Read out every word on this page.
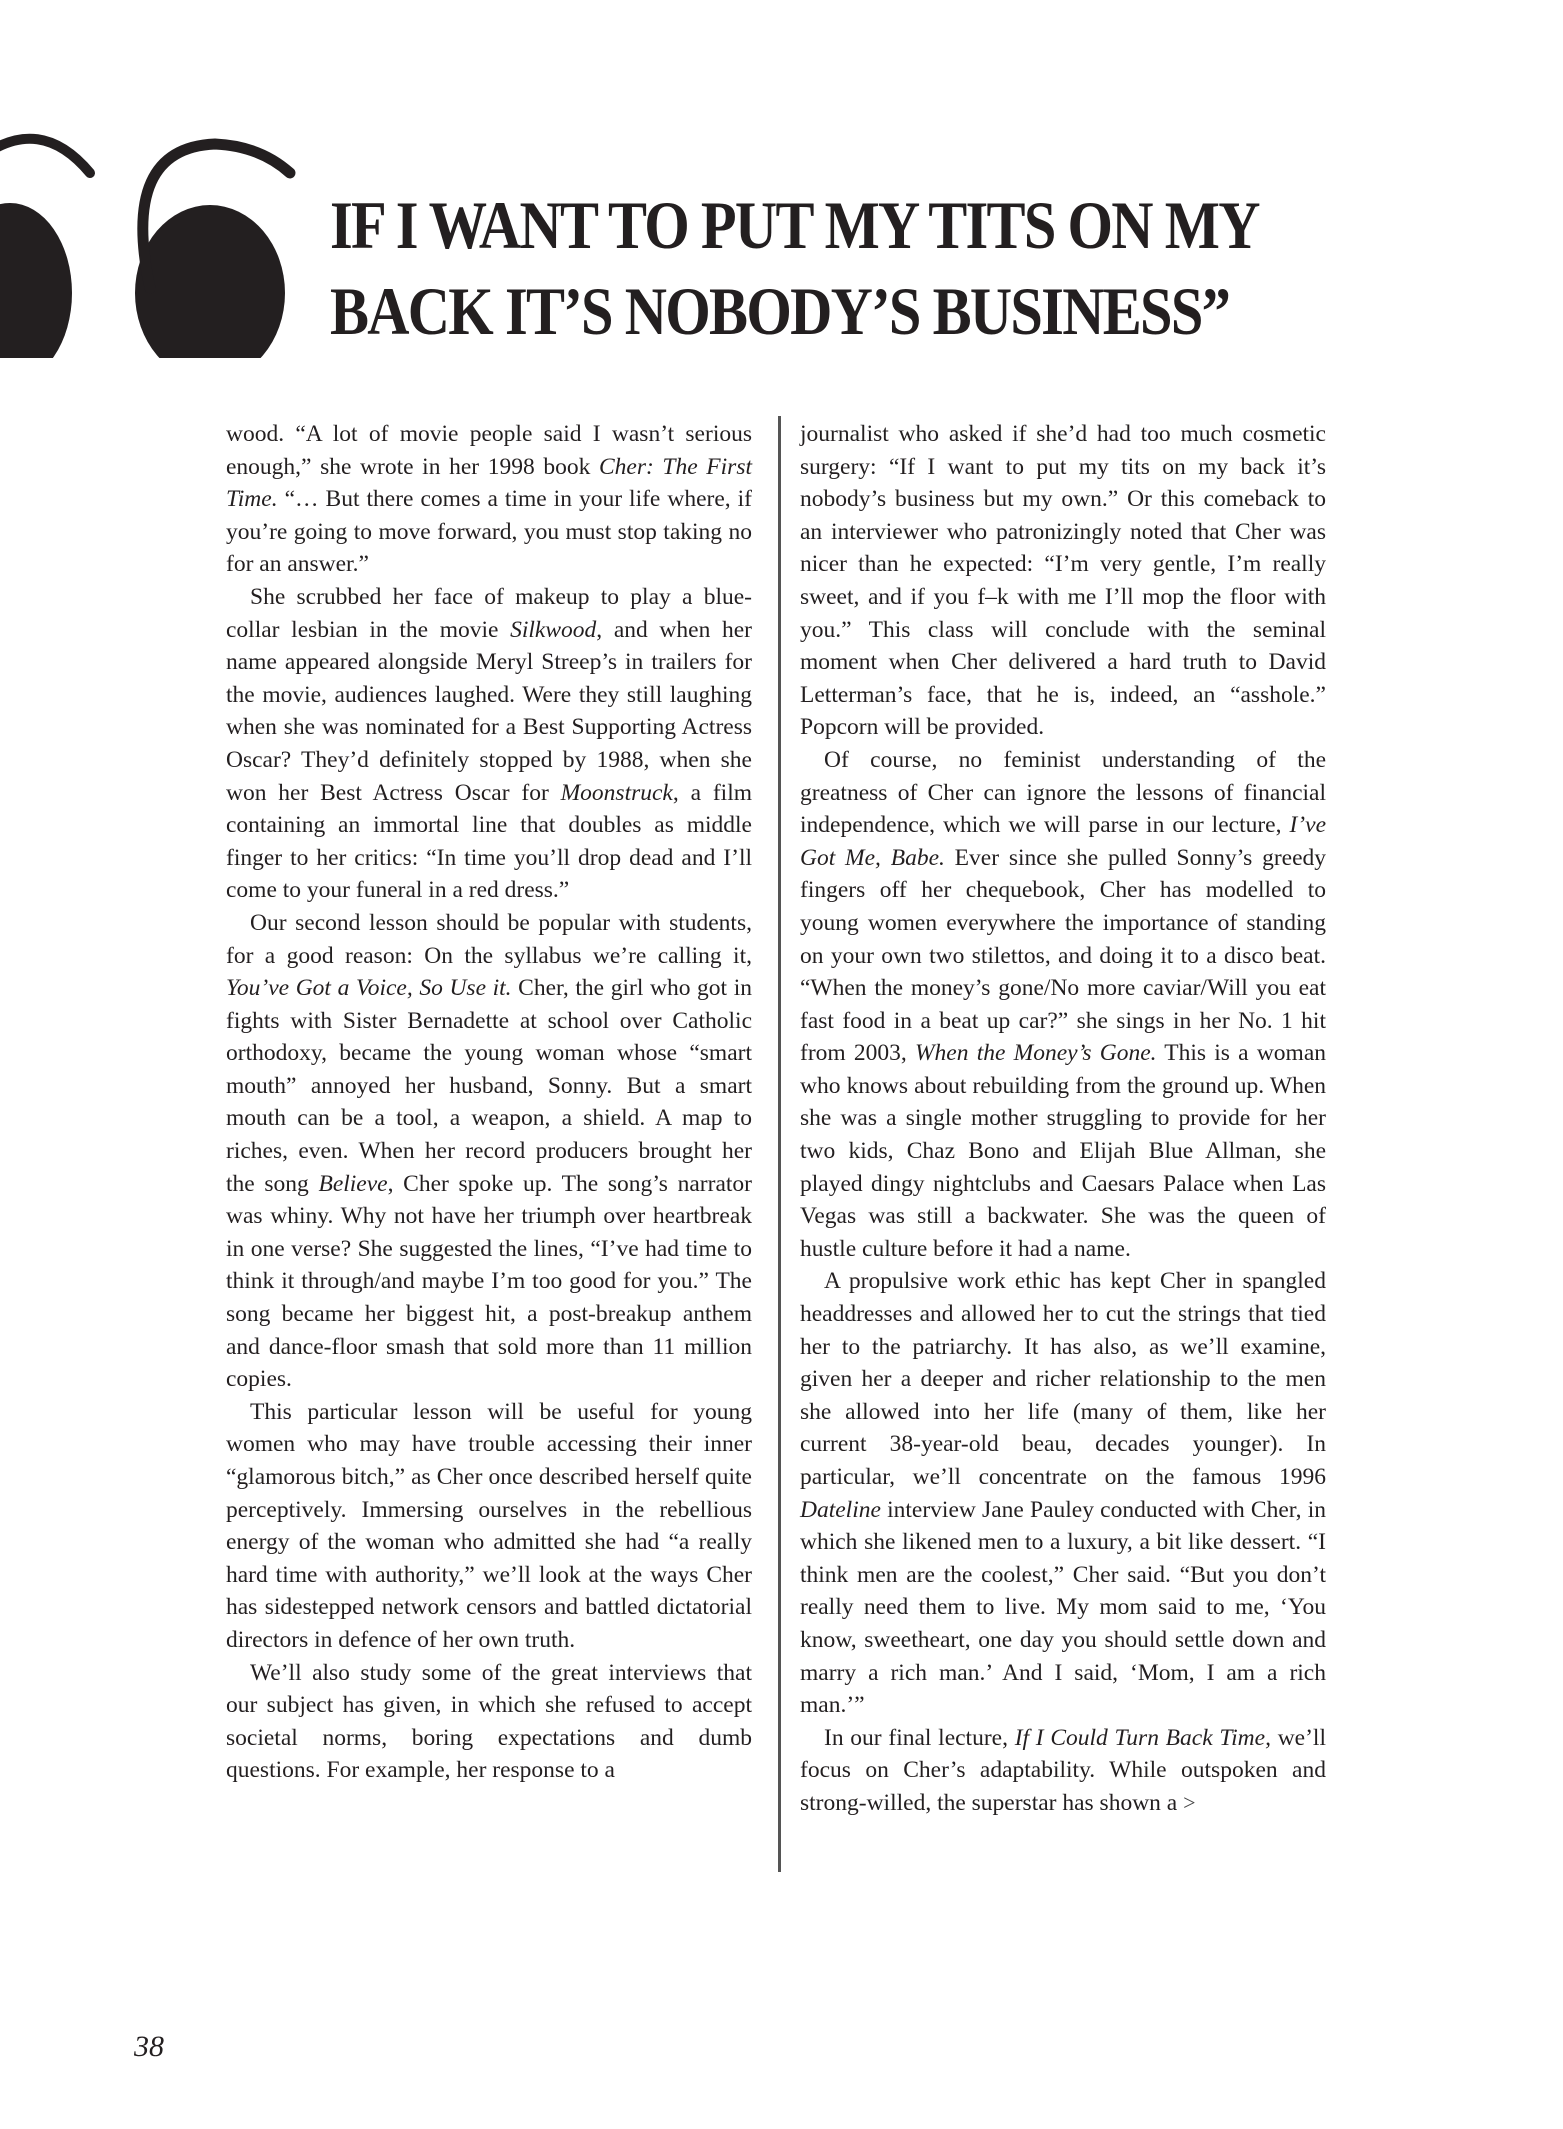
IF I WANT TO PUT MY TITS ON MY
BACK IT’S NOBODY’S BUSINESS”

wood. “A lot of movie people said I wasn’t serious enough,” she wrote in her 1998 book Cher: The First Time. “… But there comes a time in your life where, if you’re going to move forward, you must stop taking no for an answer.”

She scrubbed her face of makeup to play a blue-collar lesbian in the movie Silkwood, and when her name appeared alongside Meryl Streep’s in trailers for the movie, audiences laughed. Were they still laughing when she was nominated for a Best Supporting Actress Oscar? They’d definitely stopped by 1988, when she won her Best Actress Oscar for Moonstruck, a film containing an immortal line that doubles as middle finger to her critics: “In time you’ll drop dead and I’ll come to your funeral in a red dress.”

Our second lesson should be popular with students, for a good reason: On the syllabus we’re calling it, You’ve Got a Voice, So Use it. Cher, the girl who got in fights with Sister Bernadette at school over Catholic orthodoxy, became the young woman whose “smart mouth” annoyed her husband, Sonny. But a smart mouth can be a tool, a weapon, a shield. A map to riches, even. When her record producers brought her the song Believe, Cher spoke up. The song’s narrator was whiny. Why not have her triumph over heartbreak in one verse? She suggested the lines, “I’ve had time to think it through/and maybe I’m too good for you.” The song became her biggest hit, a post-breakup anthem and dance-floor smash that sold more than 11 million copies.

This particular lesson will be useful for young women who may have trouble accessing their inner “glamorous bitch,” as Cher once described herself quite perceptively. Immersing ourselves in the rebellious energy of the woman who admitted she had “a really hard time with authority,” we’ll look at the ways Cher has sidestepped network censors and battled dictatorial directors in defence of her own truth.

We’ll also study some of the great interviews that our subject has given, in which she refused to accept societal norms, boring expectations and dumb questions. For example, her response to a

journalist who asked if she’d had too much cosmetic surgery: “If I want to put my tits on my back it’s nobody’s business but my own.” Or this comeback to an interviewer who patronizingly noted that Cher was nicer than he expected: “I’m very gentle, I’m really sweet, and if you f–k with me I’ll mop the floor with you.” This class will conclude with the seminal moment when Cher delivered a hard truth to David Letterman’s face, that he is, indeed, an “asshole.” Popcorn will be provided.

Of course, no feminist understanding of the greatness of Cher can ignore the lessons of financial independence, which we will parse in our lecture, I’ve Got Me, Babe. Ever since she pulled Sonny’s greedy fingers off her chequebook, Cher has modelled to young women everywhere the importance of standing on your own two stilettos, and doing it to a disco beat. “When the money’s gone/No more caviar/Will you eat fast food in a beat up car?” she sings in her No. 1 hit from 2003, When the Money’s Gone. This is a woman who knows about rebuilding from the ground up. When she was a single mother struggling to provide for her two kids, Chaz Bono and Elijah Blue Allman, she played dingy nightclubs and Caesars Palace when Las Vegas was still a backwater. She was the queen of hustle culture before it had a name.

A propulsive work ethic has kept Cher in spangled headdresses and allowed her to cut the strings that tied her to the patriarchy. It has also, as we’ll examine, given her a deeper and richer relationship to the men she allowed into her life (many of them, like her current 38-year-old beau, decades younger). In particular, we’ll concentrate on the famous 1996 Dateline interview Jane Pauley conducted with Cher, in which she likened men to a luxury, a bit like dessert. “I think men are the coolest,” Cher said. “But you don’t really need them to live. My mom said to me, ‘You know, sweetheart, one day you should settle down and marry a rich man.’ And I said, ‘Mom, I am a rich man.’”

In our final lecture, If I Could Turn Back Time, we’ll focus on Cher’s adaptability. While outspoken and strong-willed, the superstar has shown a >

38
